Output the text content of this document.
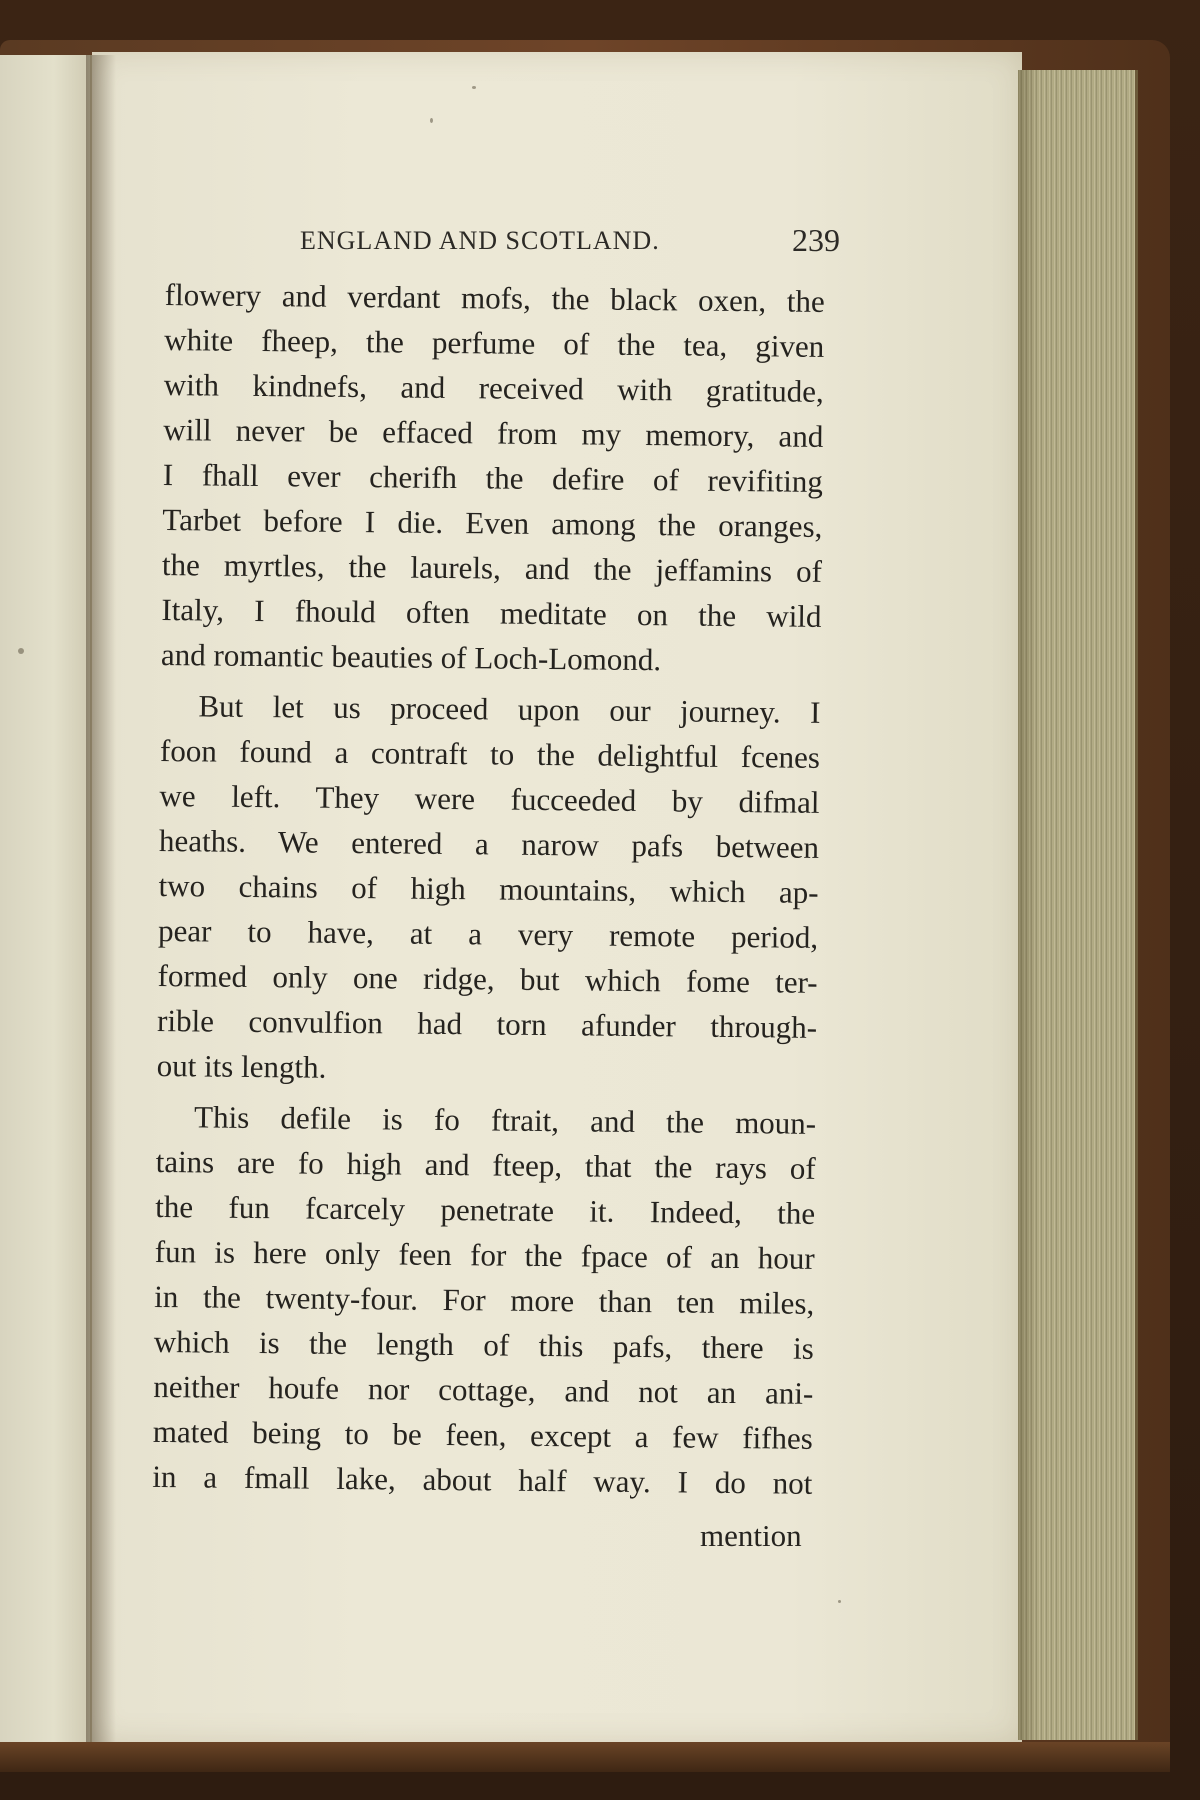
ENGLAND AND SCOTLAND.	239
flowery and verdant mofs, the black oxen, the
white fheep, the perfume of the tea, given
with kindnefs, and received with gratitude,
will never be effaced from my memory, and
I fhall ever cherifh the defire of revifiting
Tarbet before I die. Even among the oranges,
the myrtles, the laurels, and the jeffamins of
Italy, I fhould often meditate on the wild
and romantic beauties of Loch-Lomond.
But let us proceed upon our journey. I
foon found a contraft to the delightful fcenes
we left. They were fucceeded by difmal
heaths. We entered a narow pafs between
two chains of high mountains, which ap-
pear to have, at a very remote period,
formed only one ridge, but which fome ter-
rible convulfion had torn afunder through-
out its length.
This defile is fo ftrait, and the moun-
tains are fo high and fteep, that the rays of
the fun fcarcely penetrate it. Indeed, the
fun is here only feen for the fpace of an hour
in the twenty-four. For more than ten miles,
which is the length of this pafs, there is
neither houfe nor cottage, and not an ani-
mated being to be feen, except a few fifhes
in a fmall lake, about half way. I do not
mention
